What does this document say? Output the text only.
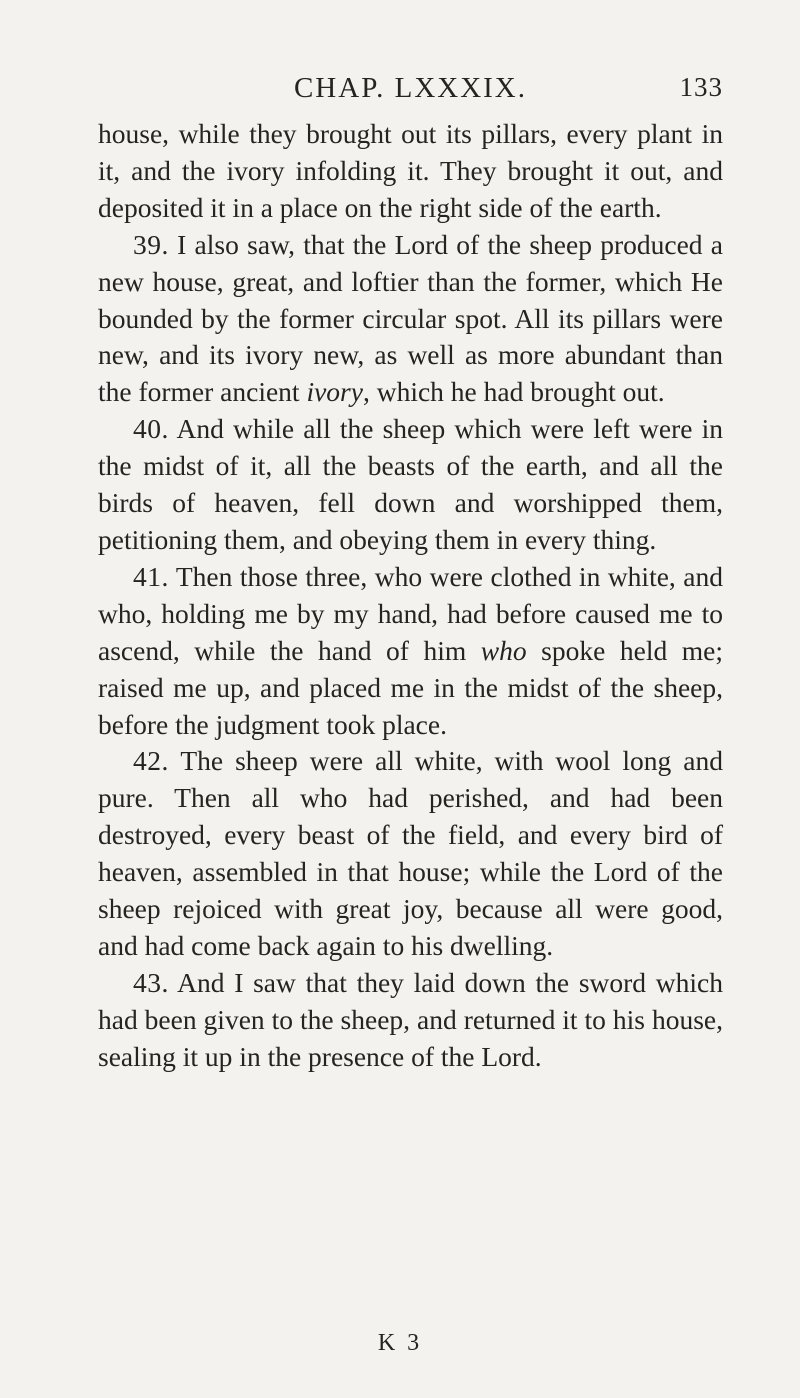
CHAP. LXXXIX.	133

house, while they brought out its pillars, every plant in it, and the ivory infolding it. They brought it out, and deposited it in a place on the right side of the earth.

39. I also saw, that the Lord of the sheep produced a new house, great, and loftier than the former, which He bounded by the former circular spot. All its pillars were new, and its ivory new, as well as more abundant than the former ancient ivory, which he had brought out.

40. And while all the sheep which were left were in the midst of it, all the beasts of the earth, and all the birds of heaven, fell down and worshipped them, petitioning them, and obeying them in every thing.

41. Then those three, who were clothed in white, and who, holding me by my hand, had before caused me to ascend, while the hand of him who spoke held me; raised me up, and placed me in the midst of the sheep, before the judgment took place.

42. The sheep were all white, with wool long and pure. Then all who had perished, and had been destroyed, every beast of the field, and every bird of heaven, assembled in that house; while the Lord of the sheep rejoiced with great joy, because all were good, and had come back again to his dwelling.

43. And I saw that they laid down the sword which had been given to the sheep, and returned it to his house, sealing it up in the presence of the Lord.

K 3
